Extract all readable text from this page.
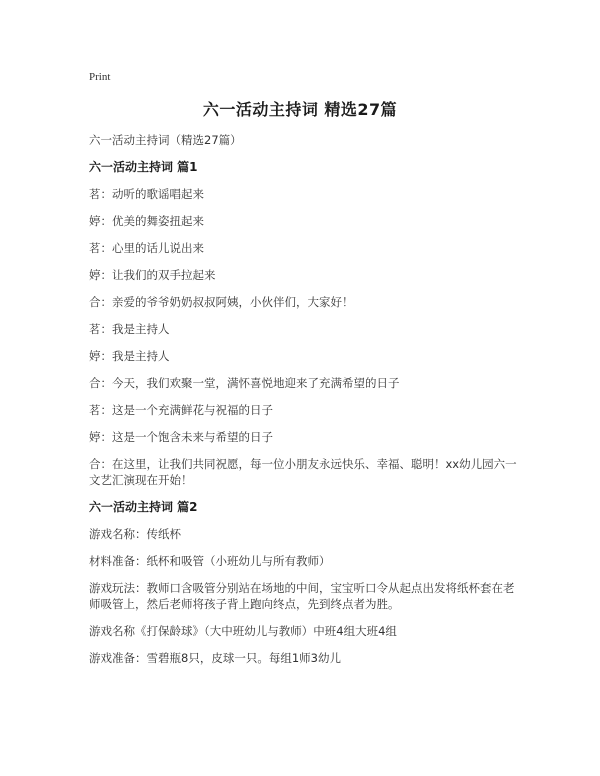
Print
六一活动主持词 精选27篇

六一活动主持词（精选27篇）

六一活动主持词 篇1

茗：动听的歌谣唱起来

婷：优美的舞姿扭起来

茗：心里的话儿说出来

婷：让我们的双手拉起来

合：亲爱的爷爷奶奶叔叔阿姨，小伙伴们，大家好！

茗：我是主持人

婷：我是主持人

合：今天，我们欢聚一堂，满怀喜悦地迎来了充满希望的日子

茗：这是一个充满鲜花与祝福的日子

婷：这是一个饱含未来与希望的日子

合：在这里，让我们共同祝愿，每一位小朋友永远快乐、幸福、聪明！xx幼儿园六一文艺汇演现在开始！

六一活动主持词 篇2

游戏名称：传纸杯

材料准备：纸杯和吸管（小班幼儿与所有教师）

游戏玩法：教师口含吸管分别站在场地的中间，宝宝听口令从起点出发将纸杯套在老师吸管上，然后老师将孩子背上跑向终点，先到终点者为胜。

游戏名称《打保龄球》（大中班幼儿与教师）中班4组大班4组

游戏准备：雪碧瓶8只，皮球一只。每组1师3幼儿
